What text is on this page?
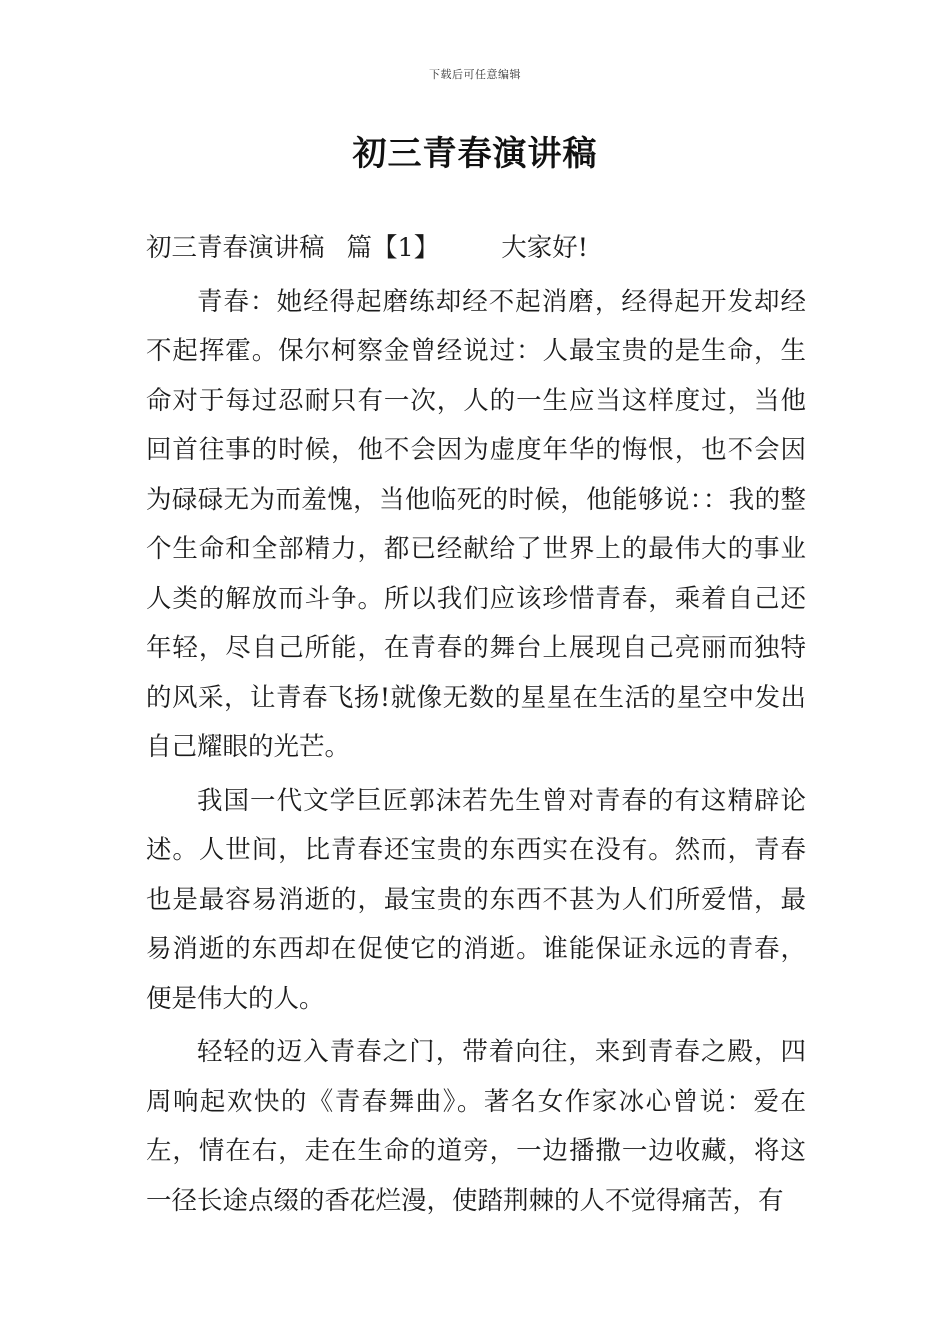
下载后可任意编辑
初三青春演讲稿

初三青春演讲稿 篇【1】 大家好!

青春：她经得起磨练却经不起消磨，经得起开发却经不起挥霍。保尔柯察金曾经说过：人最宝贵的是生命，生命对于每过忍耐只有一次，人的一生应当这样度过，当他回首往事的时候，他不会因为虚度年华的悔恨，也不会因为碌碌无为而羞愧，当他临死的时候，他能够说：：我的整个生命和全部精力，都已经献给了世界上的最伟大的事业人类的解放而斗争。所以我们应该珍惜青春，乘着自己还年轻，尽自己所能，在青春的舞台上展现自己亮丽而独特的风采，让青春飞扬!就像无数的星星在生活的星空中发出自己耀眼的光芒。

我国一代文学巨匠郭沫若先生曾对青春的有这精辟论述。人世间，比青春还宝贵的东西实在没有。然而，青春也是最容易消逝的，最宝贵的东西不甚为人们所爱惜，最易消逝的东西却在促使它的消逝。谁能保证永远的青春，便是伟大的人。

轻轻的迈入青春之门，带着向往，来到青春之殿，四周响起欢快的《青春舞曲》。著名女作家冰心曾说：爱在左，情在右，走在生命的道旁，一边播撒一边收藏，将这一径长途点缀的香花烂漫，使踏荆棘的人不觉得痛苦，有
